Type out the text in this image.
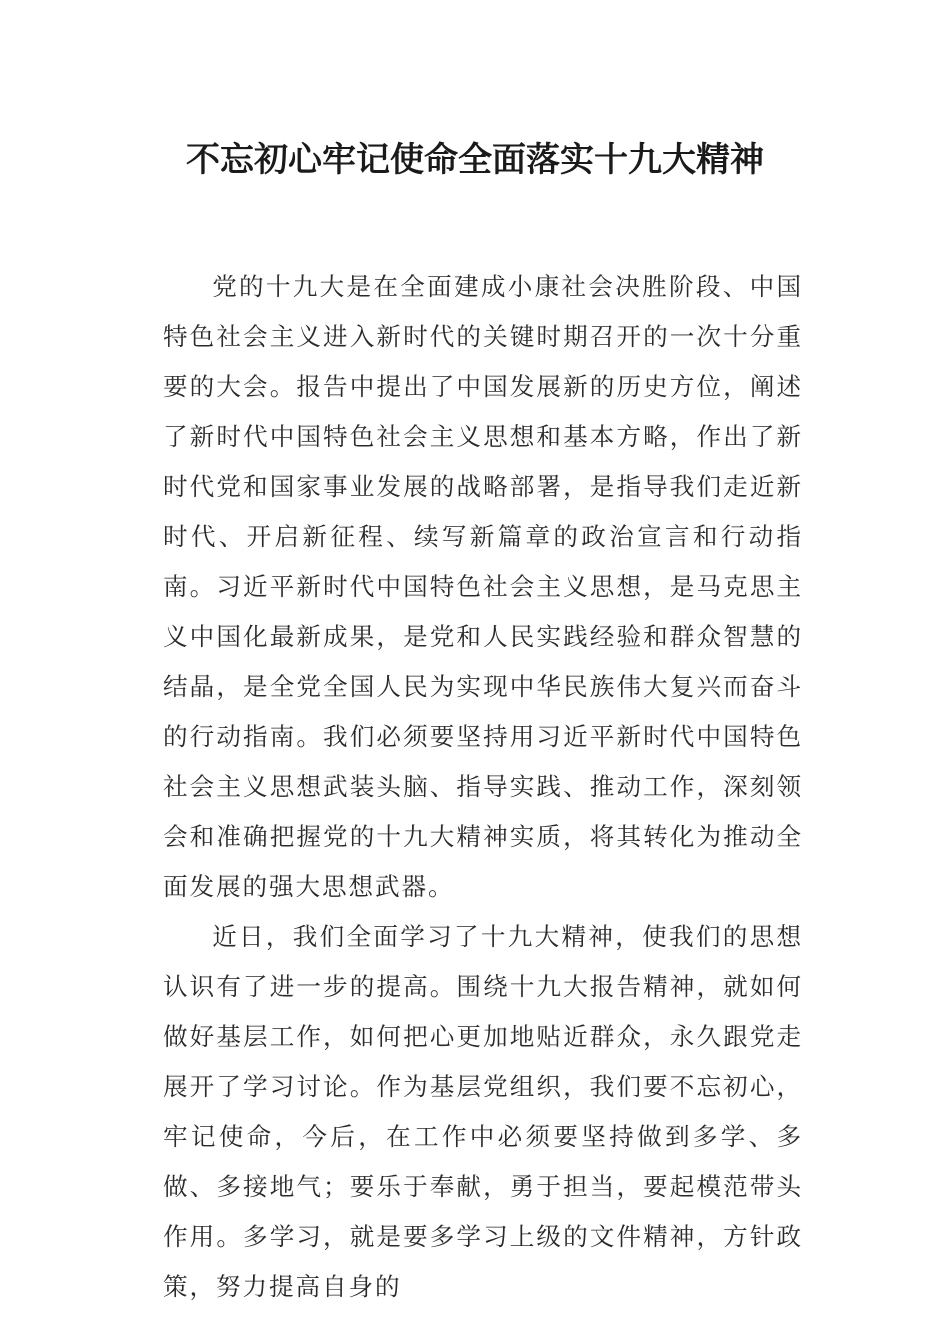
不忘初心牢记使命全面落实十九大精神

党的十九大是在全面建成小康社会决胜阶段、中国特色社会主义进入新时代的关键时期召开的一次十分重要的大会。报告中提出了中国发展新的历史方位，阐述了新时代中国特色社会主义思想和基本方略，作出了新时代党和国家事业发展的战略部署，是指导我们走近新时代、开启新征程、续写新篇章的政治宣言和行动指南。习近平新时代中国特色社会主义思想，是马克思主义中国化最新成果，是党和人民实践经验和群众智慧的结晶，是全党全国人民为实现中华民族伟大复兴而奋斗的行动指南。我们必须要坚持用习近平新时代中国特色社会主义思想武装头脑、指导实践、推动工作，深刻领会和准确把握党的十九大精神实质，将其转化为推动全面发展的强大思想武器。

近日，我们全面学习了十九大精神，使我们的思想认识有了进一步的提高。围绕十九大报告精神，就如何做好基层工作，如何把心更加地贴近群众，永久跟党走展开了学习讨论。作为基层党组织，我们要不忘初心，牢记使命，今后，在工作中必须要坚持做到多学、多做、多接地气；要乐于奉献，勇于担当，要起模范带头作用。多学习，就是要多学习上级的文件精神，方针政策，努力提高自身的
